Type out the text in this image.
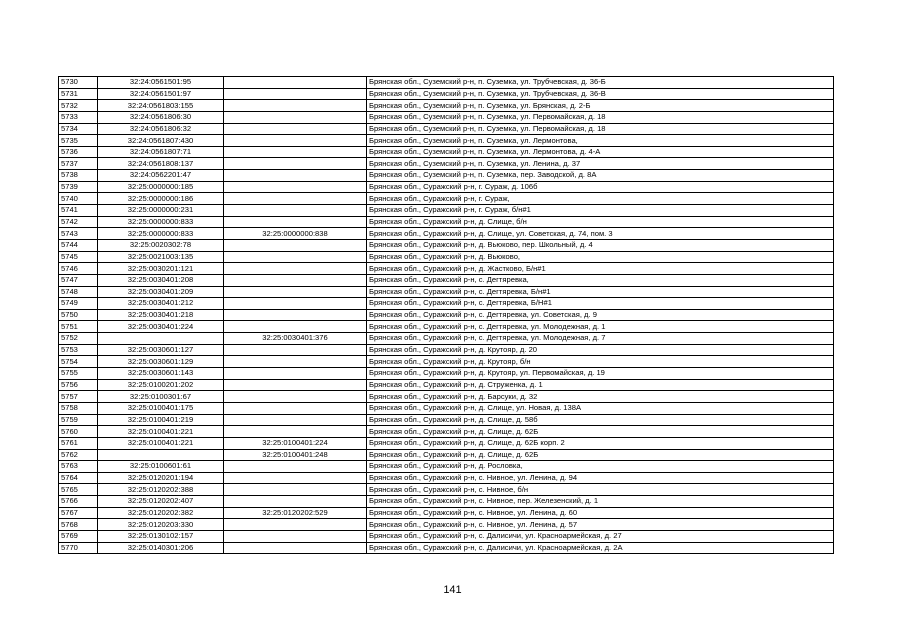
5730	32:24:0561501:95		Брянская обл., Суземский р-н, п. Суземка, ул. Трубчевская, д. 36-Б
5731	32:24:0561501:97		Брянская обл., Суземский р-н, п. Суземка, ул. Трубчевская, д. 36-В
5732	32:24:0561803:155		Брянская обл., Суземский р-н, п. Суземка, ул. Брянская, д. 2-Б
5733	32:24:0561806:30		Брянская обл., Суземский р-н, п. Суземка, ул. Первомайская, д. 18
5734	32:24:0561806:32		Брянская обл., Суземский р-н, п. Суземка, ул. Первомайская, д. 18
5735	32:24:0561807:430		Брянская обл., Суземский р-н, п. Суземка, ул. Лермонтова,
5736	32:24:0561807:71		Брянская обл., Суземский р-н, п. Суземка, ул. Лермонтова, д. 4-А
5737	32:24:0561808:137		Брянская обл., Суземский р-н, п. Суземка, ул. Ленина, д. 37
5738	32:24:0562201:47		Брянская обл., Суземский р-н, п. Суземка, пер. Заводской, д. 8А
5739	32:25:0000000:185		Брянская обл., Суражский р-н, г. Сураж, д. 106б
5740	32:25:0000000:186		Брянская обл., Суражский р-н, г. Сураж,
5741	32:25:0000000:231		Брянская обл., Суражский р-н, г. Сураж, б/н#1
5742	32:25:0000000:833		Брянская обл., Суражский р-н, д. Слище, б/н
5743	32:25:0000000:833	32:25:0000000:838	Брянская обл., Суражский р-н, д. Слище, ул. Советская, д. 74, пом. 3
5744	32:25:0020302:78		Брянская обл., Суражский р-н, д. Вьюково, пер. Школьный, д. 4
5745	32:25:0021003:135		Брянская обл., Суражский р-н, д. Вьюково,
5746	32:25:0030201:121		Брянская обл., Суражский р-н, д. Жастково, Б/н#1
5747	32:25:0030401:208		Брянская обл., Суражский р-н, с. Дегтяревка,
5748	32:25:0030401:209		Брянская обл., Суражский р-н, с. Дегтяревка, Б/н#1
5749	32:25:0030401:212		Брянская обл., Суражский р-н, с. Дегтяревка, Б/Н#1
5750	32:25:0030401:218		Брянская обл., Суражский р-н, с. Дегтяревка, ул. Советская, д. 9
5751	32:25:0030401:224		Брянская обл., Суражский р-н, с. Дегтяревка, ул. Молодежная, д. 1
5752		32:25:0030401:376	Брянская обл., Суражский р-н, с. Дегтяревка, ул. Молодежная, д. 7
5753	32:25:0030601:127		Брянская обл., Суражский р-н, д. Крутояр, д. 20
5754	32:25:0030601:129		Брянская обл., Суражский р-н, д. Крутояр, б/н
5755	32:25:0030601:143		Брянская обл., Суражский р-н, д. Крутояр, ул. Первомайская, д. 19
5756	32:25:0100201:202		Брянская обл., Суражский р-н, д. Струженка, д. 1
5757	32:25:0100301:67		Брянская обл., Суражский р-н, д. Барсуки, д. 32
5758	32:25:0100401:175		Брянская обл., Суражский р-н, д. Слище, ул. Новая, д. 138А
5759	32:25:0100401:219		Брянская обл., Суражский р-н, д. Слище, д. 58б
5760	32:25:0100401:221		Брянская обл., Суражский р-н, д. Слище, д. 62Б
5761	32:25:0100401:221	32:25:0100401:224	Брянская обл., Суражский р-н, д. Слище, д. 62Б корп. 2
5762		32:25:0100401:248	Брянская обл., Суражский р-н, д. Слище, д. 62Б
5763	32:25:0100601:61		Брянская обл., Суражский р-н, д. Рословка,
5764	32:25:0120201:194		Брянская обл., Суражский р-н, с. Нивное, ул. Ленина, д. 94
5765	32:25:0120202:388		Брянская обл., Суражский р-н, с. Нивное, б/н
5766	32:25:0120202:407		Брянская обл., Суражский р-н, с. Нивное, пер. Железенский, д. 1
5767	32:25:0120202:382	32:25:0120202:529	Брянская обл., Суражский р-н, с. Нивное, ул. Ленина, д. 60
5768	32:25:0120203:330		Брянская обл., Суражский р-н, с. Нивное, ул. Ленина, д. 57
5769	32:25:0130102:157		Брянская обл., Суражский р-н, с. Далисичи, ул. Красноармейская, д. 27
5770	32:25:0140301:206		Брянская обл., Суражский р-н, с. Далисичи, ул. Красноармейская, д. 2А
141
